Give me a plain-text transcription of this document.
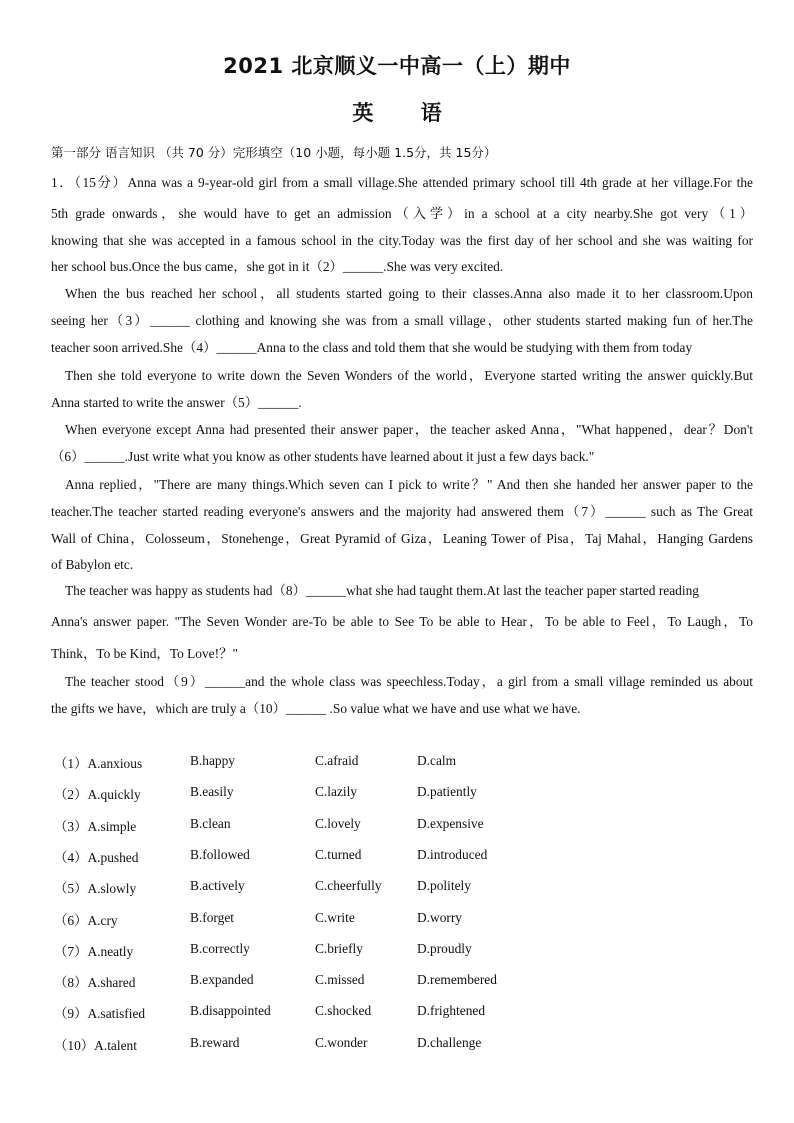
2021 北京顺义一中高一（上）期中
英 语
第一部分 语言知识 （共 70 分）完形填空（10 小题，每小题 1.5分，共 15分）
1．（15分）Anna was a 9-year-old girl from a small village.She attended primary school till 4th grade at her village.For the
5th grade onwards，she would have to get an admission（入学）in a school at a city nearby.She got very（1）
knowing that she was accepted in a famous school in the city.Today was the first day of her school and she was waiting for
her school bus.Once the bus came，she got in it（2）______.She was very excited.
When the bus reached her school，all students started going to their classes.Anna also made it to her classroom.Upon
seeing her（3）______ clothing and knowing she was from a small village，other students started making fun of her.The
teacher soon arrived.She（4）______Anna to the class and told them that she would be studying with them from today
Then she told everyone to write down the Seven Wonders of the world，Everyone started writing the answer quickly.But
Anna started to write the answer（5）______.
When everyone except Anna had presented their answer paper，the teacher asked Anna，"What happened，dear？Don't
（6）______.Just write what you know as other students have learned about it just a few days back."
Anna replied，"There are many things.Which seven can I pick to write？" And then she handed her answer paper to the
teacher.The teacher started reading everyone's answers and the majority had answered them（7）______ such as The Great
Wall of China，Colosseum，Stonehenge，Great Pyramid of Giza，Leaning Tower of Pisa，Taj Mahal，Hanging Gardens
of Babylon etc.
The teacher was happy as students had（8）______what she had taught them.At last the teacher paper started reading
Anna's answer paper. "The Seven Wonder are-To be able to See To be able to Hear，To be able to Feel，To Laugh，To
Think，To be Kind，To Love!？"
The teacher stood（9）______and the whole class was speechless.Today，a girl from a small village reminded us about
the gifts we have，which are truly a（10）______ .So value what we have and use what we have.
（1）A.anxious	B.happy	C.afraid	D.calm
（2）A.quickly	B.easily	C.lazily	D.patiently
（3）A.simple	B.clean	C.lovely	D.expensive
（4）A.pushed	B.followed	C.turned	D.introduced
（5）A.slowly	B.actively	C.cheerfully	D.politely
（6）A.cry	B.forget	C.write	D.worry
（7）A.neatly	B.correctly	C.briefly	D.proudly
（8）A.shared	B.expanded	C.missed	D.remembered
（9）A.satisfied	B.disappointed	C.shocked	D.frightened
（10）A.talent	B.reward	C.wonder	D.challenge
